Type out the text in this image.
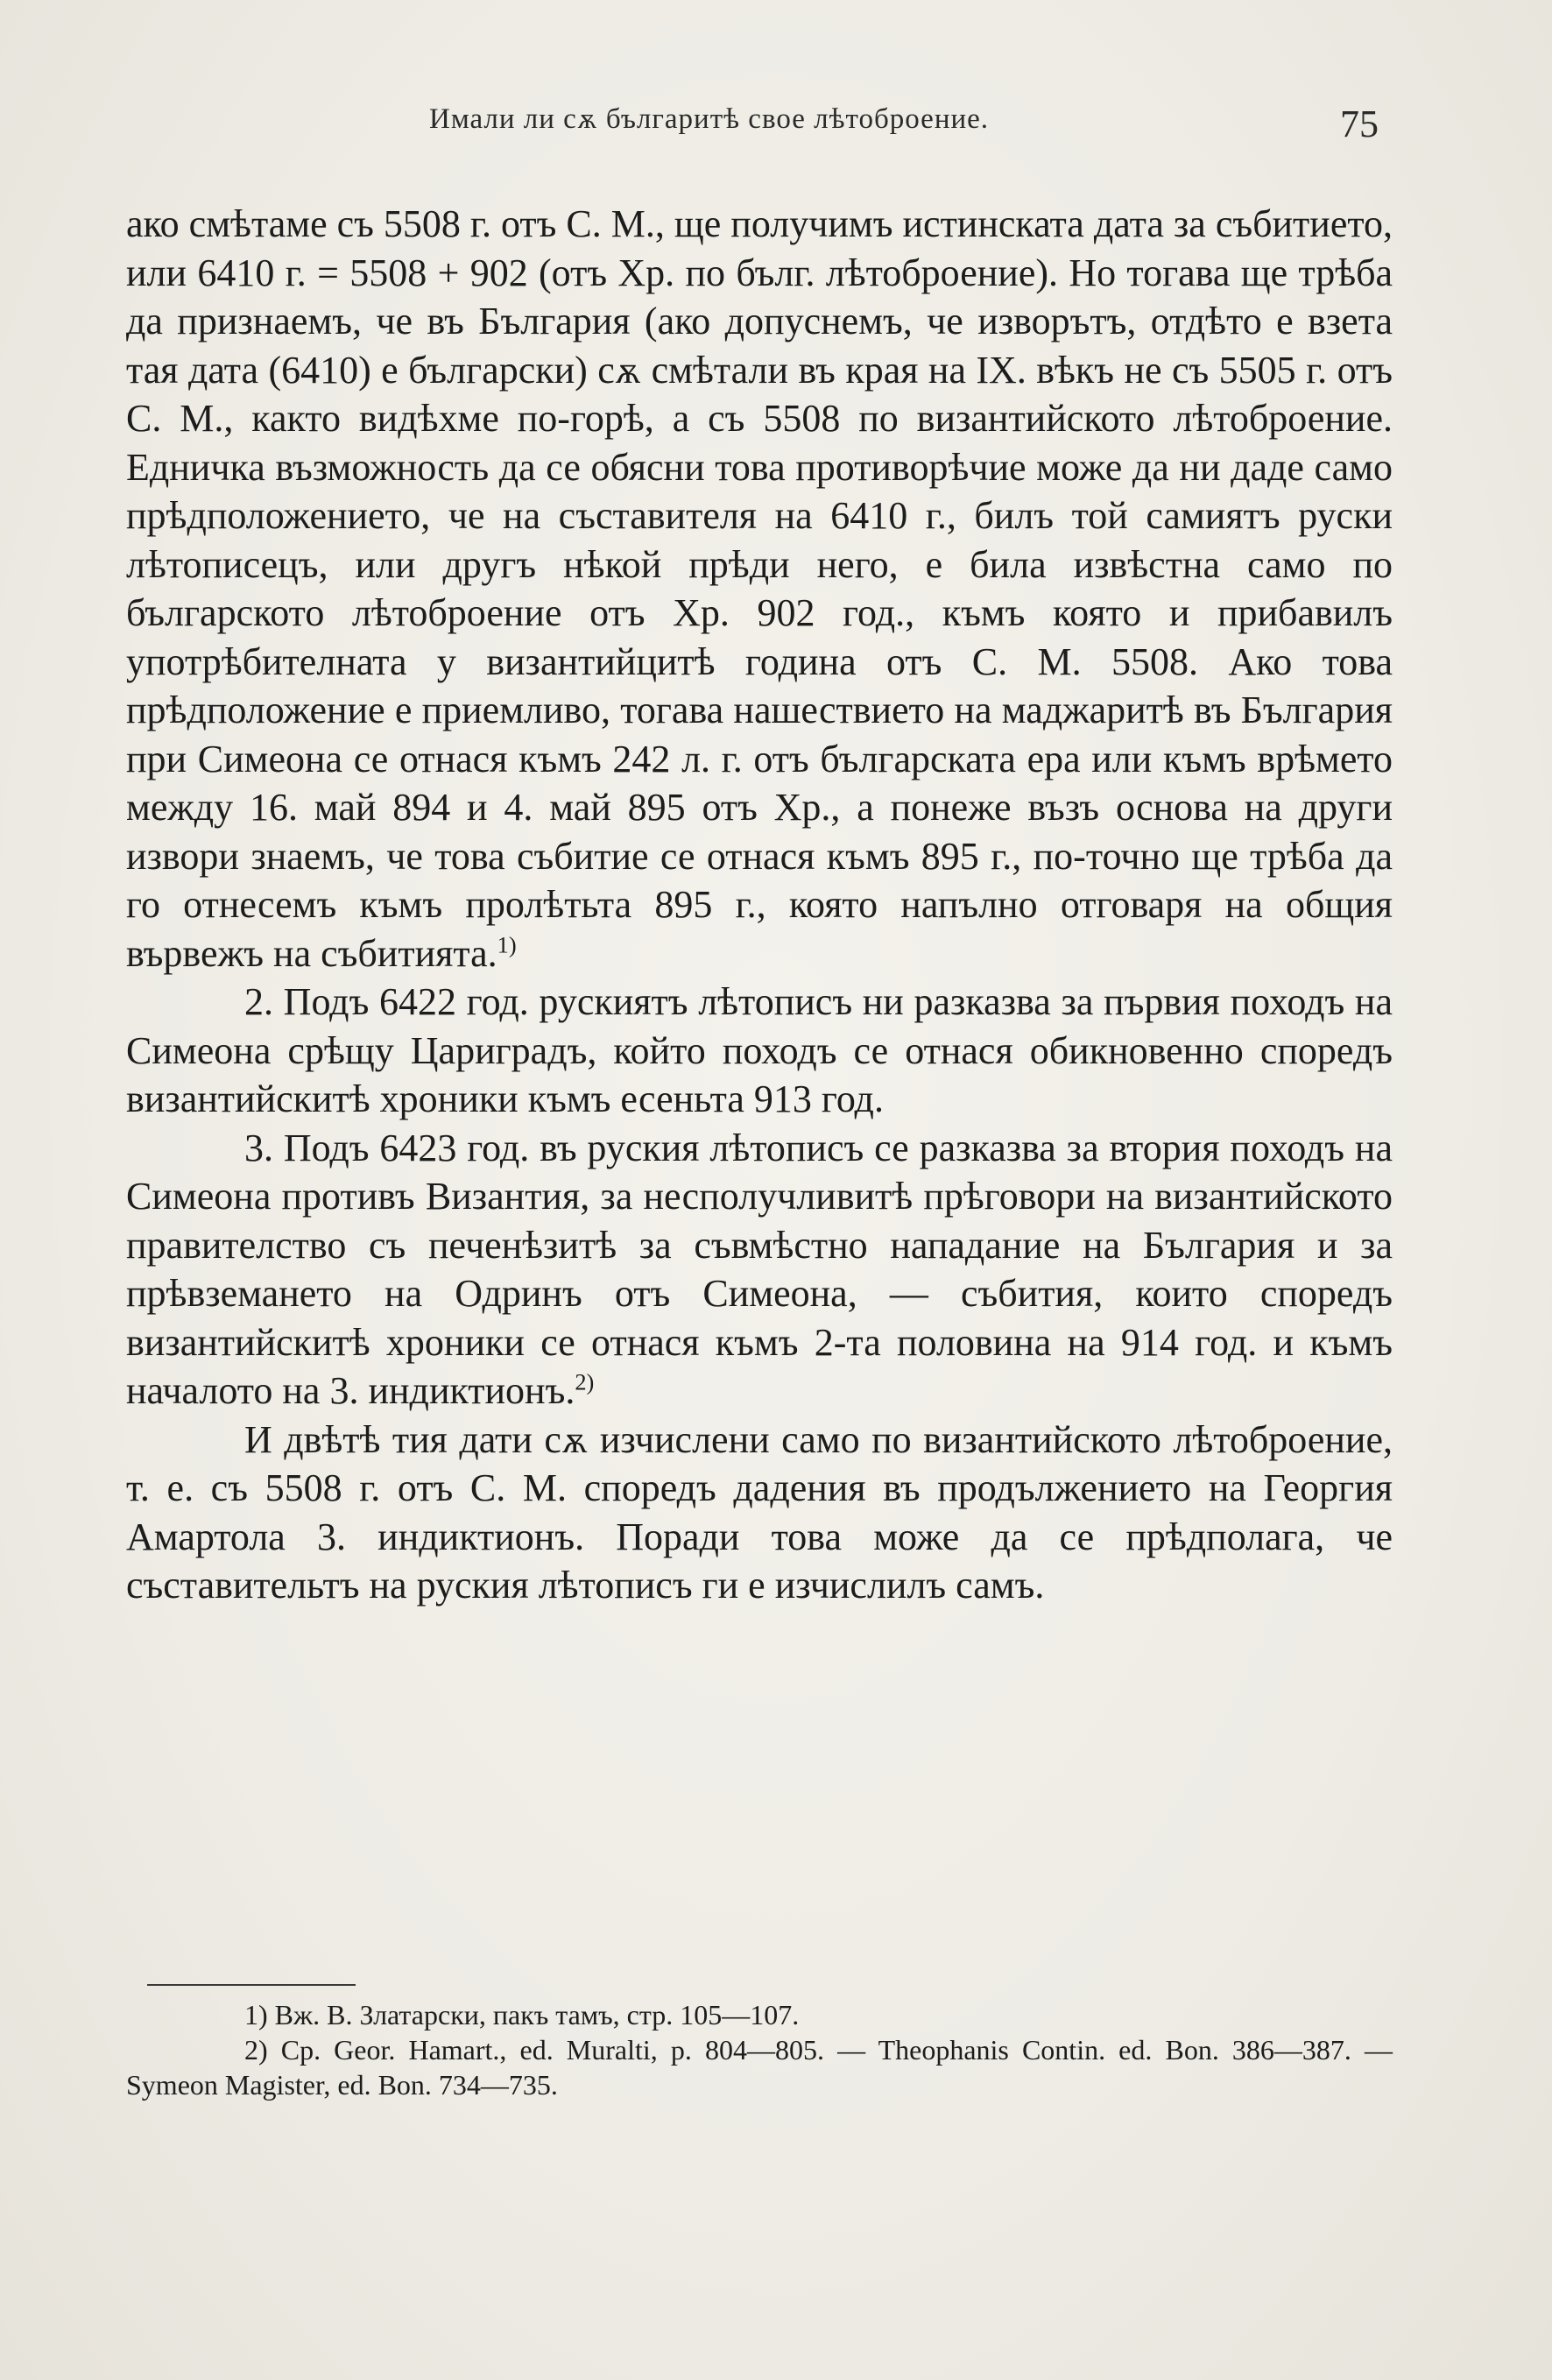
Имали ли сѫ българитѣ свое лѣтоброение.	75

ако смѣтаме съ 5508 г. отъ С. М., ще получимъ истинската дата за събитието, или 6410 г. = 5508 + 902 (отъ Хр. по бълг. лѣтоброение). Но тогава ще трѣба да признаемъ, че въ България (ако допуснемъ, че изворътъ, отдѣто е взета тая дата (6410) е български) сѫ смѣтали въ края на IX. вѣкъ не съ 5505 г. отъ С. М., както видѣхме по-горѣ, а съ 5508 по византийското лѣтоброение. Едничка възможность да се обясни това противорѣчие може да ни даде само прѣдположението, че на съставителя на 6410 г., билъ той самиятъ руски лѣтописецъ, или другъ нѣкой прѣди него, е била извѣстна само по българското лѣтоброение отъ Хр. 902 год., къмъ която и прибавилъ употрѣбителната у византийцитѣ година отъ С. М. 5508. Ако това прѣдположение е приемливо, тогава нашествието на маджаритѣ въ България при Симеона се отнася къмъ 242 л. г. отъ българската ера или къмъ врѣмето между 16. май 894 и 4. май 895 отъ Хр., а понеже възъ основа на други извори знаемъ, че това събитие се отнася къмъ 895 г., по-точно ще трѣба да го отнесемъ къмъ пролѣтьта 895 г., която напълно отговаря на общия вървежъ на събитията.$^{1)}$

2. Подъ 6422 год. рускиятъ лѣтописъ ни разказва за първия походъ на Симеона срѣщу Цариградъ, който походъ се отнася обикновенно споредъ византийскитѣ хроники къмъ есеньта 913 год.

3. Подъ 6423 год. въ руския лѣтописъ се разказва за втория походъ на Симеона противъ Византия, за несполучливитѣ прѣговори на византийското правителство съ печенѣзитѣ за съвмѣстно нападание на България и за прѣвземането на Одринъ отъ Симеона, — събития, които споредъ византийскитѣ хроники се отнася къмъ 2-та половина на 914 год. и къмъ началото на 3. индиктионъ.$^{2)}$

И двѣтѣ тия дати сѫ изчислени само по византийското лѣтоброение, т. е. съ 5508 г. отъ С. М. споредъ дадения въ продължението на Георгия Амартола 3. индиктионъ. Поради това може да се прѣдполага, че съставительтъ на руския лѣтописъ ги е изчислилъ самъ.

1) Вж. В. Златарски, пакъ тамъ, стр. 105—107.

2) Ср. Geor. Hamart., ed. Muralti, p. 804—805. — Theophanis Contin. ed. Bon. 386—387. — Symeon Magister, ed. Bon. 734—735.
